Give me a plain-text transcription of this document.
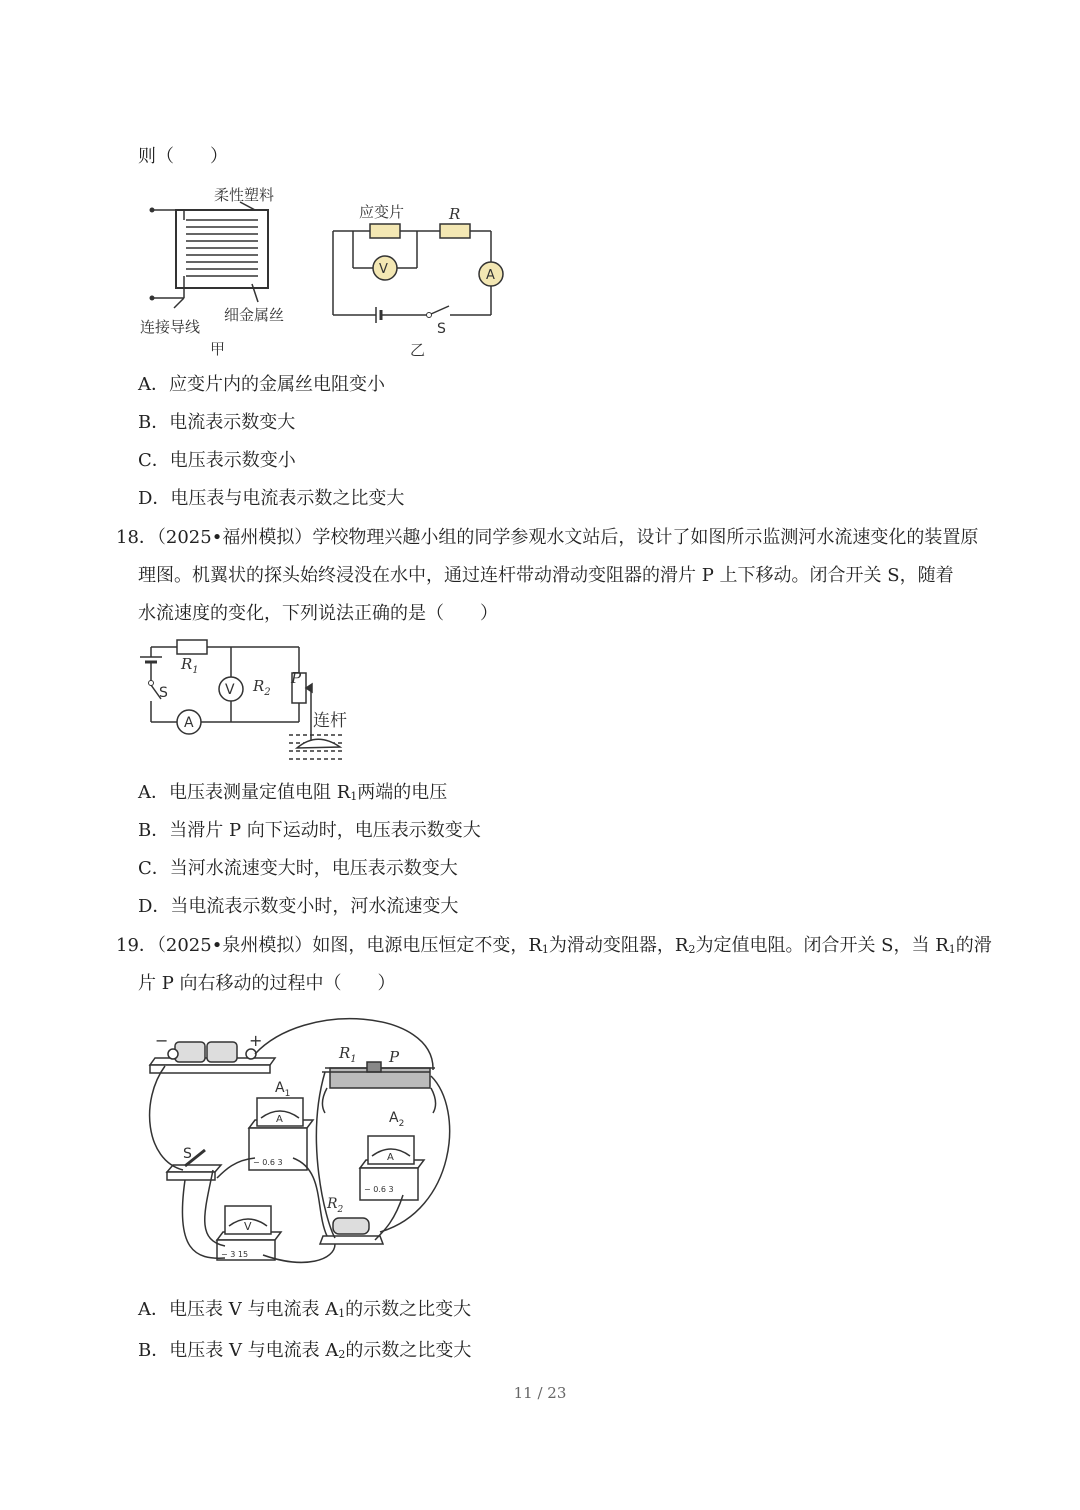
则（　　）
柔性塑料
连接导线
细金属丝
甲
V	A
应变片	R
S
乙
A．应变片内的金属丝电阻变小
B．电流表示数变大
C．电压表示数变小
D．电压表与电流表示数之比变大
18．（2025•福州模拟）学校物理兴趣小组的同学参观水文站后，设计了如图所示监测河水流速变化的装置原
理图。机翼状的探头始终浸没在水中，通过连杆带动滑动变阻器的滑片 P 上下移动。闭合开关 S，随着
水流速度的变化，下列说法正确的是（　　）
V
A
$R_1$
$R_2$
P
S
连杆
A．电压表测量定值电阻 R1两端的电压
B．当滑片 P 向下运动时，电压表示数变大
C．当河水流速变大时，电压表示数变大
D．当电流表示数变小时，河水流速变大
19．（2025•泉州模拟）如图，电源电压恒定不变，R1为滑动变阻器，R2为定值电阻。闭合开关 S，当 R1的滑
片 P 向右移动的过程中（　　）
−	+
$R_1$ P
$A_1$
$A_2$
A
A
V
− 0.6 3
− 0.6 3
− 3 15
S
$R_2$
A．电压表 V 与电流表 A1的示数之比变大
B．电压表 V 与电流表 A2的示数之比变大
11 / 23
